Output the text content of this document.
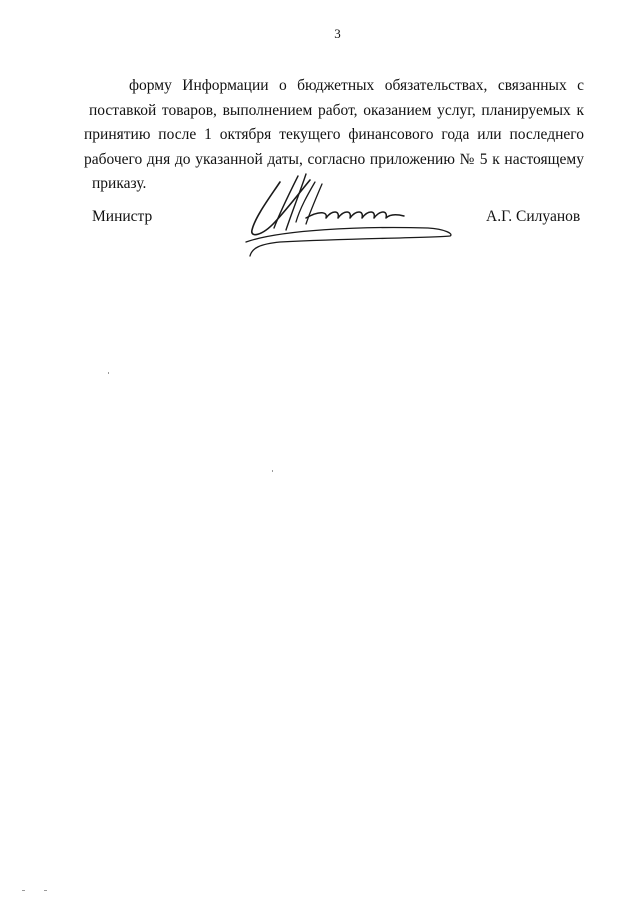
3
форму Информации о бюджетных обязательствах, связанных с
поставкой товаров, выполнением работ, оказанием услуг, планируемых к
принятию после 1 октября текущего финансового года или последнего
рабочего дня до указанной даты, согласно приложению № 5 к настоящему
приказу.
Министр	А.Г. Силуанов
